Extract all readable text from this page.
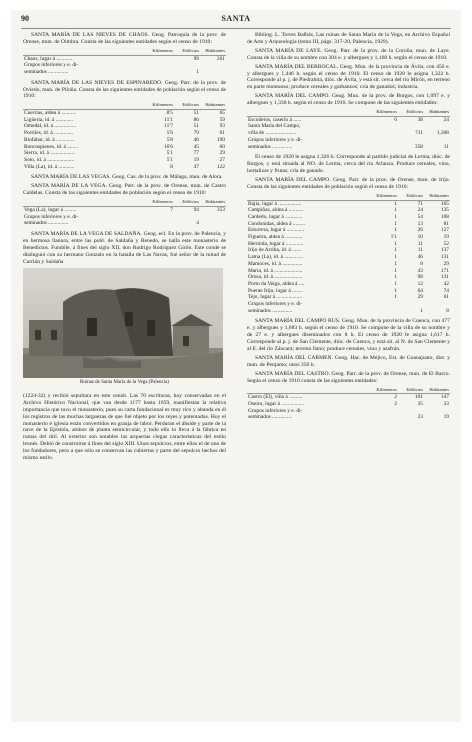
90	SANTA

SANTA MARÍA DE LAS NIEVES DE CHAOS. Geog. Patroquia de la prov. de Orense, mun. de Oimbra. Consta de las siguientes entidades según el censo de 1910:

	Kilómetros	Edificios	Habitantes
Chaos, lugar á ............		99	261
Grupos inferiores y e. di-			
seminados ...............		1	

SANTA MARÍA DE LAS NIEVES DE ESPINAREDO. Geog. Parr. de la prov. de Oviedo, mun. de Piloña. Consta de las siguientes entidades de población según el censo de 1910:

	Kilómetros	Edificios	Habitantes
Cuerrias, aldea á ...........	8'5	51	65
Ligüeria, id. á .............	11'1	86	59
Omedal, id. á ................	11'7	51	93
Porriles, id. á ..............	5'6	79	61
Rinfabar, id. á ..............	5'8	46	190
Roncuspienes, id. á ........	16'6	45	60
Sierra, id. á ..................	5'1	77	29
Soto, id. á ....................	5'1	19	27
Villa (La), id. á ............	8	47	122

SANTA MARÍA DE LAS VEGAS. Geog. Cas. de la prov. de Málaga, mun. de Alora.

SANTA MARÍA DE LA VEGA. Geog. Parr. de la prov. de Orense, mun. de Castro Caldelas. Consta de las siguientes entidades de población según el censo de 1910:

	Kilómetros	Edificios	Habitantes
Vega (La), lugar á .........	7	94	353
Grupos inferiores y e. di-			
seminados ...............		4	

SANTA MARÍA DE LA VEGA DE SALDAÑA. Geog. ecl. En la prov. de Palencia, y en hermosa llanura, entre las pobl. de Saldaña y Renedo, se halla este monasterio de Benedictos. Fundóle, á fines del siglo XII, don Rodrigo Rodríguez Girón. Este conde se distinguió con su hermano Gonzalo en la batalla de Las Navas, fué señor de la mitad de Carrión y Saldaña

Ruinas de Santa María de la Vega (Palencia)

(1224-32) y recibió sepultura en este cenob. Las 70 escrituras, hoy conservadas en el Archivo Histórico Nacional, que van desde 1177 hasta 1659, manifiestan la relativa importancia que tuvo el monasterio, pues su carta fundacional es muy rico y abunda en él los registros de las muchas larguezas de que fué objeto por los reyes y potentados. Hoy el monasterio é iglesia están convertidos en granja de labor. Perduran el ábside y parte de la nave de la Epístola, ambos de planta semicircular, y todo ello lo lleva á la fábrica en ruinas del dril. Al exterior son notables las arquerías ciegas características del estilo leonés. Debió de construirse á fines del siglo XIII. Unos sepulcros, entre ellos el de uno de los fundadores, pero a que sólo se conservan las cubiertas y parte del sepulcro hechos del mismo estilo.

Bibliog. L. Torres Balbás, Las ruinas de Santa María de la Vega, en Archivo Español de Arte y Arqueología (tomo III, págs. 317-20, Palencia, 1929).

SANTA MARÍA DE LAYE. Geog. Parr. de la prov. de la Coruña, mun. de Laye. Consta de la villa de su nombre con 304 e. y albergues y 1,160 h. según el censo de 1910.

SANTA MARÍA DEL BERROCAL. Geog. Mun. de la provincia de Ávila, con 450 e. y albergues y 1,446 h. según el censo de 1910. El censo de 1920 le asigna 1,322 h. Corresponde al p. j. de Piedrahita, dióc. de Ávila, y está sit. cerca del río Mirón, en terreno en parte montuoso; produce cereales y garbanzos; cría de ganados; industria.

SANTA MARÍA DEL CAMPO. Geog. Mun. de la prov. de Burgos, con 1,097 e. y albergues y 1,338 h. según el censo de 1910. Se compone de las siguientes entidades:

	Kilómetros	Edificios	Habitantes
Escuderos, caserío á ......	6	38	24
Santa María del Campo,			
villa de .......................		711	1,308
Grupos inferiores y e. di-			
seminados ...............		358	11

El censo de 1920 le asigna 1,326 h. Corresponde al partido judicial de Lerma, dióc. de Burgos, y está situada al NO. de Lerma, cerca del río Arlanza. Produce cereales, vino, hortalizas y frutas; cría de ganado.

SANTA MARÍA DEL CAMPO. Geog. Parr. de la prov. de Orense, mun. de Irijo. Consta de las siguientes entidades de población según el censo de 1910:

	Kilómetros	Edificios	Habitantes
Bajía, lugar á .................	1	71	165
Campiñas, aldea á ...........	1	24	135
Cardedo, lugar á .............	1	54	108
Condonidas, aldea á .........	1	13	81
Esturrera, lugar á .............	1	26	127
Figueira, aldea á .............	1'1	10	19
Hermida, lugar á .............	1	11	52
Irijo de Arriba, id. á .......	1	11	137
Lama (La), id. á ..............	1	46	131
Mamoces, id. á ...............	1	8	29
Maria, id. á .....................	1	43	171
Orosa, id. á .....................	1	98	131
Porto da Veiga, aldea á ....	1	12	42
Puente Irijo, lugar á ........	1	64	74
Tejo, lugar á ...................	1	29	61
Grupos inferiores y e. di-			
seminados ...............		1	8

SANTA MARÍA DEL CAMPO RUS. Geog. Mun. de la provincia de Cuenca, con 477 e. y albergues y 1,683 h. según el censo de 1910. Se compone de la villa de su nombre y de 27 e. y albergues diseminados con 8 h. El censo de 1920 le asigna 1,617 h. Corresponde al p. j. de San Clemente, dióc. de Cuenca, y está sit. al N. de San Clemente y al E. del río Záncara; terreno llano; produce cereales, vino y azafrán.

SANTA MARÍA DEL CARMEN. Geog. Hac. de Méjico, Est. de Guanajuato, dist. y mun. de Penjamo; unos 350 h.

SANTA MARÍA DEL CASTRO. Geog. Parr. de la prov. de Orense, mun. de El Barco. Según el censo de 1910 consta de las siguientes entidades:

	Kilómetros	Edificios	Habitantes
Castro (El), villa á ..........	2	101	147
Oseiro, lugar á .................	2	35	33
Grupos inferiores y e. di-			
seminados ...............		23	19
